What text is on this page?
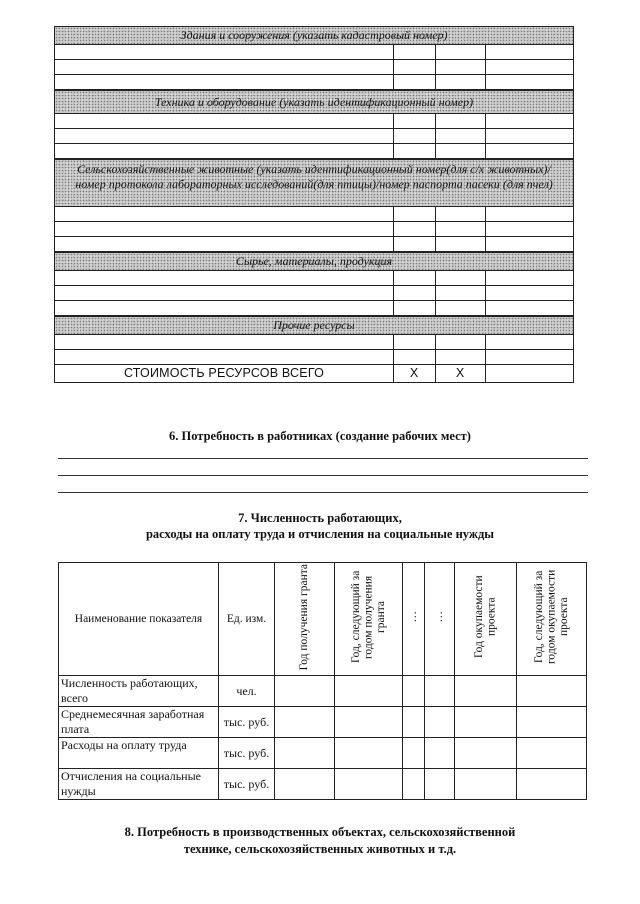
Здания и сооружения (указать кадастровый номер)
Техника и оборудование (указать идентификационный номер)
Сельскохозяйственные животные (указать идентификационный номер(для с/х животных)/номер протокола лабораторных исследований(для птицы)/номер паспорта пасеки (для пчел)
Сырье, материалы, продукция
Прочие ресурсы
СТОИМОСТЬ РЕСУРСОВ ВСЕГО	X	X
6. Потребность в работниках (создание рабочих мест)
7. Численность работающих,
расходы на оплату труда и отчисления на социальные нужды
Наименование показателя	Ед. изм.	Год получения гранта	Год, следующий за годом получения гранта	…	…	Год окупаемости проекта	Год, следующий за годом окупаемости проекта
Численность работающих, всего	чел.						
Среднемесячная заработная плата	тыс. руб.						
Расходы на оплату труда	тыс. руб.						
Отчисления на социальные нужды	тыс. руб.						
8. Потребность в производственных объектах, сельскохозяйственной
технике, сельскохозяйственных животных и т.д.
